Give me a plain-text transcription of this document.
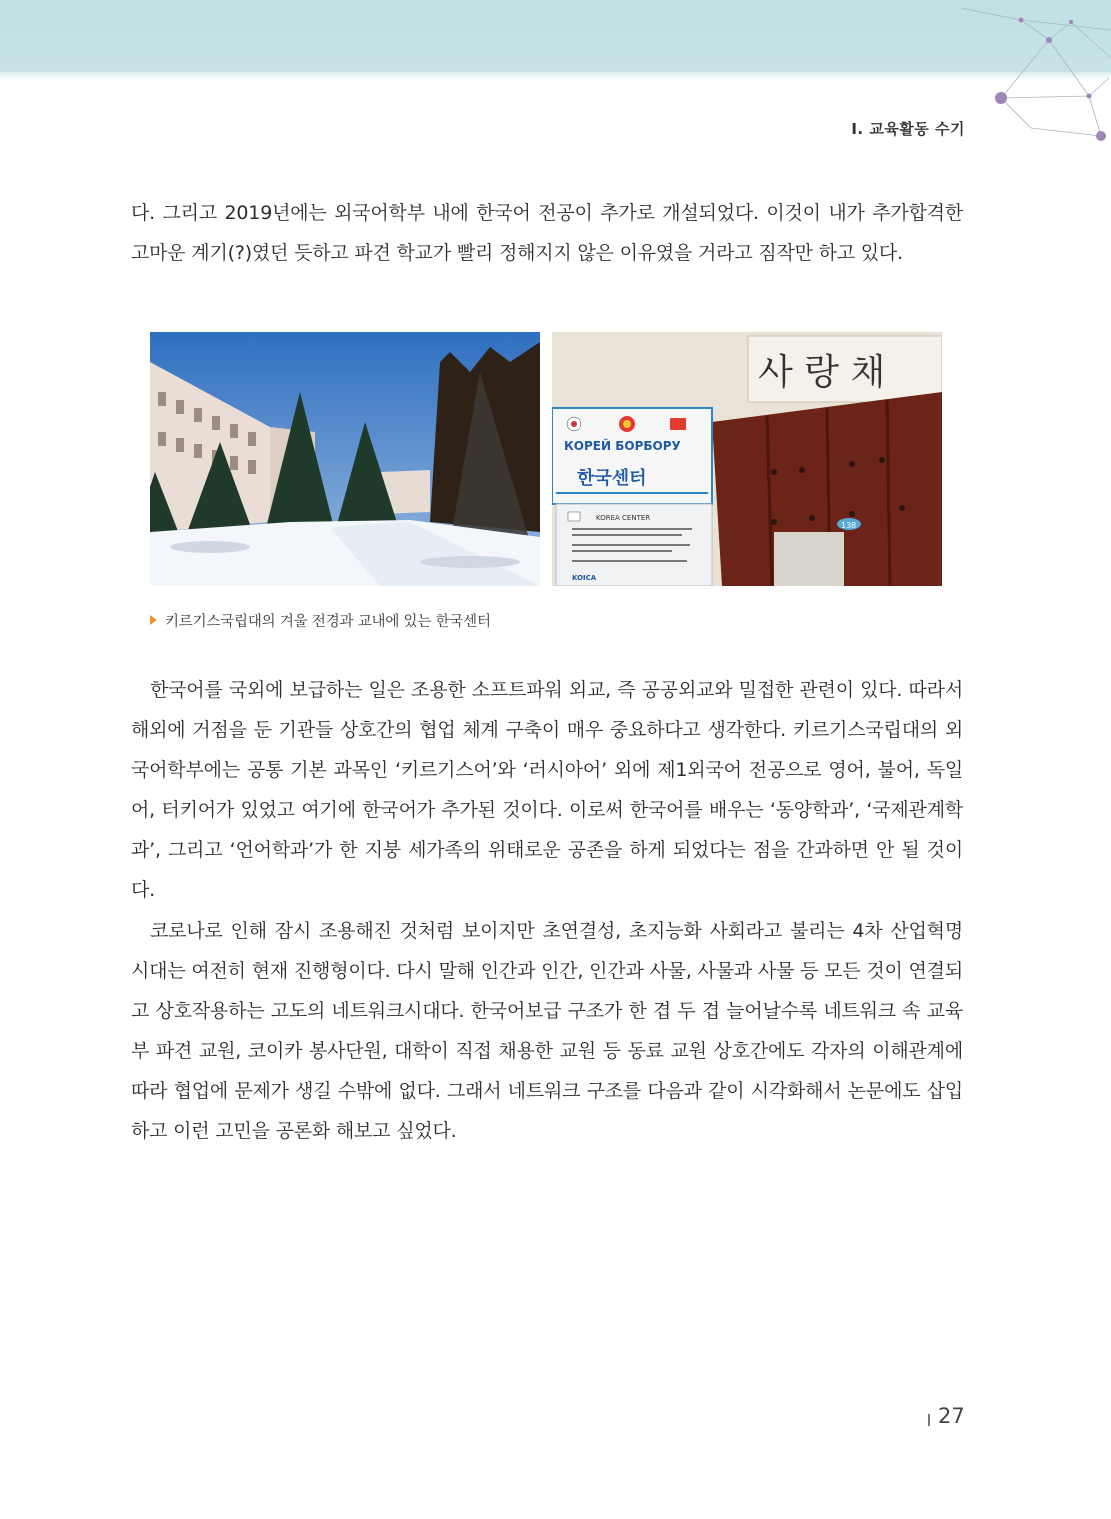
Ⅰ. 교육활동 수기

다. 그리고 2019년에는 외국어학부 내에 한국어 전공이 추가로 개설되었다. 이것이 내가 추가합격한 고마운 계기(?)였던 듯하고 파견 학교가 빨리 정해지지 않은 이유였을 거라고 짐작만 하고 있다.

사 랑 채
138
КОРЕЙ БОРБОРУ
한국센터
KOREA CENTER
KOICA
키르기스국립대의 겨울 전경과 교내에 있는 한국센터

한국어를 국외에 보급하는 일은 조용한 소프트파워 외교, 즉 공공외교와 밀접한 관련이 있다. 따라서 해외에 거점을 둔 기관들 상호간의 협업 체계 구축이 매우 중요하다고 생각한다. 키르기스국립대의 외국어학부에는 공통 기본 과목인 ‘키르기스어’와 ‘러시아어’ 외에 제1외국어 전공으로 영어, 불어, 독일어, 터키어가 있었고 여기에 한국어가 추가된 것이다. 이로써 한국어를 배우는 ‘동양학과’, ‘국제관계학과’, 그리고 ‘언어학과’가 한 지붕 세가족의 위태로운 공존을 하게 되었다는 점을 간과하면 안 될 것이다.

코로나로 인해 잠시 조용해진 것처럼 보이지만 초연결성, 초지능화 사회라고 불리는 4차 산업혁명 시대는 여전히 현재 진행형이다. 다시 말해 인간과 인간, 인간과 사물, 사물과 사물 등 모든 것이 연결되고 상호작용하는 고도의 네트워크시대다. 한국어보급 구조가 한 겹 두 겹 늘어날수록 네트워크 속 교육부 파견 교원, 코이카 봉사단원, 대학이 직접 채용한 교원 등 동료 교원 상호간에도 각자의 이해관계에 따라 협업에 문제가 생길 수밖에 없다. 그래서 네트워크 구조를 다음과 같이 시각화해서 논문에도 삽입하고 이런 고민을 공론화 해보고 싶었다.

27
